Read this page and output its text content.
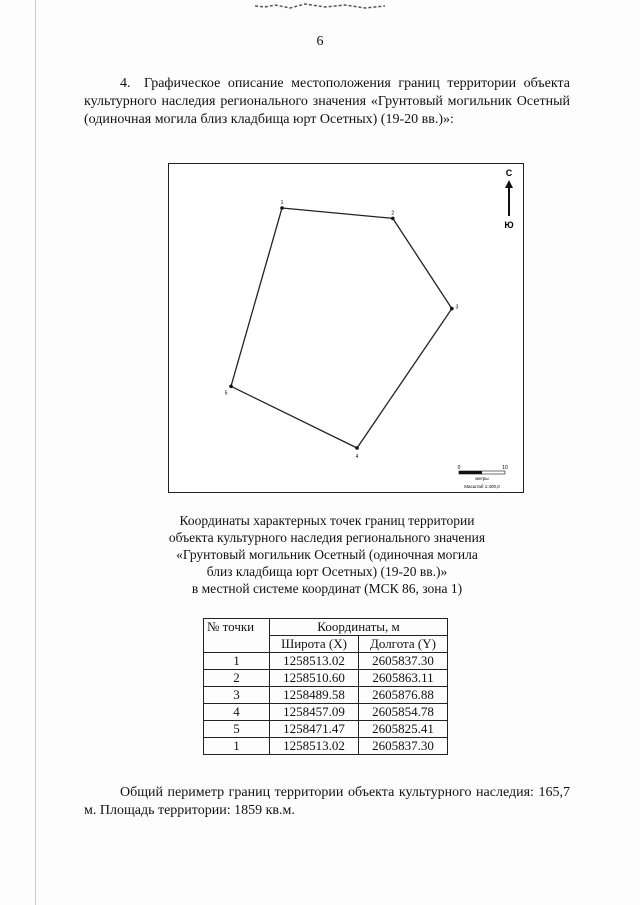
6
4. Графическое описание местоположения границ территории объекта культурного наследия регионального значения «Грунтовый могильник Осетный (одиночная могила близ кладбища юрт Осетных) (19-20 вв.)»:
1
2
3
4
5
С
Ю
0	10
метры
Масштаб 1:400,0
Координаты характерных точек границ территории
объекта культурного наследия регионального значения
«Грунтовый могильник Осетный (одиночная могила
близ кладбища юрт Осетных) (19-20 вв.)»
в местной системе координат (МСК 86, зона 1)
№ точки	Координаты, м	
	Широта (X)	Долгота (Y)
1	1258513.02	2605837.30
2	1258510.60	2605863.11
3	1258489.58	2605876.88
4	1258457.09	2605854.78
5	1258471.47	2605825.41
1	1258513.02	2605837.30
Общий периметр границ территории объекта культурного наследия: 165,7 м. Площадь территории: 1859 кв.м.
